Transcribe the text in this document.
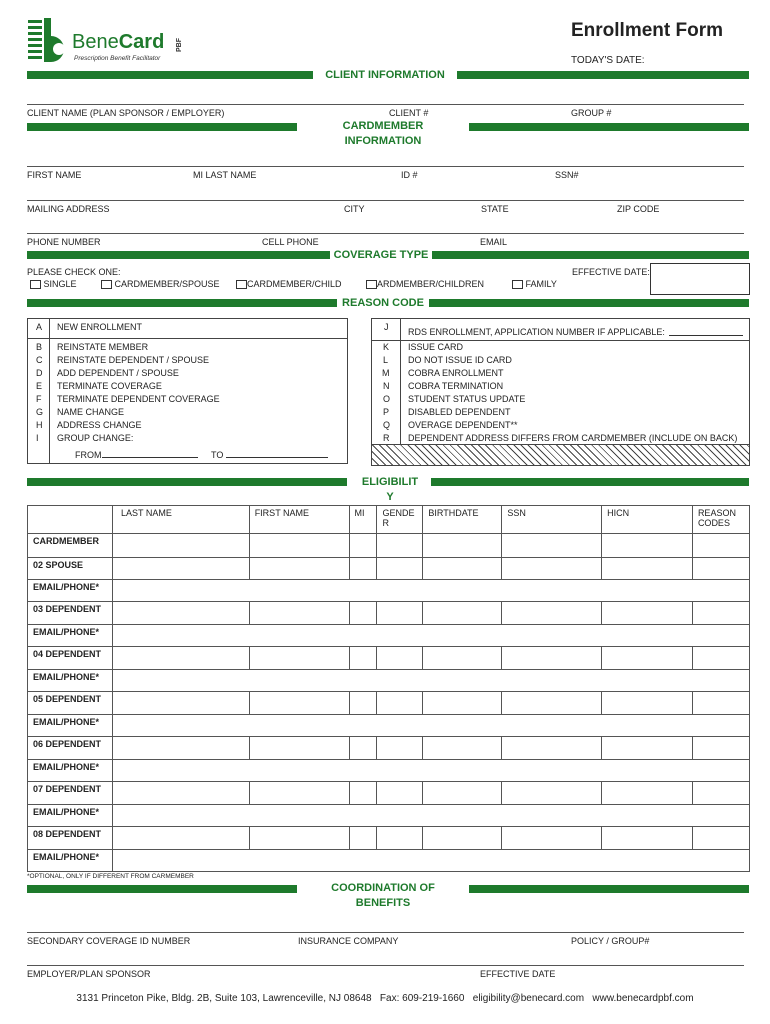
BeneCard PBF
Prescription Benefit Facilitator
Enrollment Form
TODAY'S DATE:
CLIENT INFORMATION
CLIENT NAME (PLAN SPONSOR / EMPLOYER)	CLIENT #	GROUP #
CARDMEMBER
INFORMATION
FIRST NAME	MI LAST NAME	ID #	SSN#
MAILING ADDRESS	CITY	STATE	ZIP CODE
PHONE NUMBER	CELL PHONE	EMAIL
COVERAGE TYPE
PLEASE CHECK ONE:	EFFECTIVE DATE:
SINGLE	CARDMEMBER/SPOUSE	CARDMEMBER/CHILD	ARDMEMBER/CHILDREN	FAMILY
REASON CODE
A NEW ENROLLMENT
B REINSTATE MEMBER
C REINSTATE DEPENDENT / SPOUSE
D ADD DEPENDENT / SPOUSE
E TERMINATE COVERAGE
F TERMINATE DEPENDENT COVERAGE
G NAME CHANGE
H ADDRESS CHANGE
I GROUP CHANGE:
FROM	TO
J RDS ENROLLMENT, APPLICATION NUMBER IF APPLICABLE:
K ISSUE CARD
L DO NOT ISSUE ID CARD
M COBRA ENROLLMENT
N COBRA TERMINATION
O STUDENT STATUS UPDATE
P DISABLED DEPENDENT
Q OVERAGE DEPENDENT**
R DEPENDENT ADDRESS DIFFERS FROM CARDMEMBER (INCLUDE ON BACK)
ELIGIBILIT
Y
	LAST NAME	FIRST NAME	MI	GENDE R	BIRTHDATE	SSN	HICN	REASON CODES
CARDMEMBER								
02 SPOUSE								
EMAIL/PHONE*								
03 DEPENDENT								
EMAIL/PHONE*								
04 DEPENDENT								
EMAIL/PHONE*								
05 DEPENDENT								
EMAIL/PHONE*								
06 DEPENDENT								
EMAIL/PHONE*								
07 DEPENDENT								
EMAIL/PHONE*								
08 DEPENDENT								
EMAIL/PHONE*								
*OPTIONAL, ONLY IF DIFFERENT FROM CARMEMBER
COORDINATION OF
BENEFITS
SECONDARY COVERAGE ID NUMBER	INSURANCE COMPANY	POLICY / GROUP#
EMPLOYER/PLAN SPONSOR	EFFECTIVE DATE
3131 Princeton Pike, Bldg. 2B, Suite 103, Lawrenceville, NJ 08648   Fax: 609-219-1660   eligibility@benecard.com   www.benecardpbf.com
